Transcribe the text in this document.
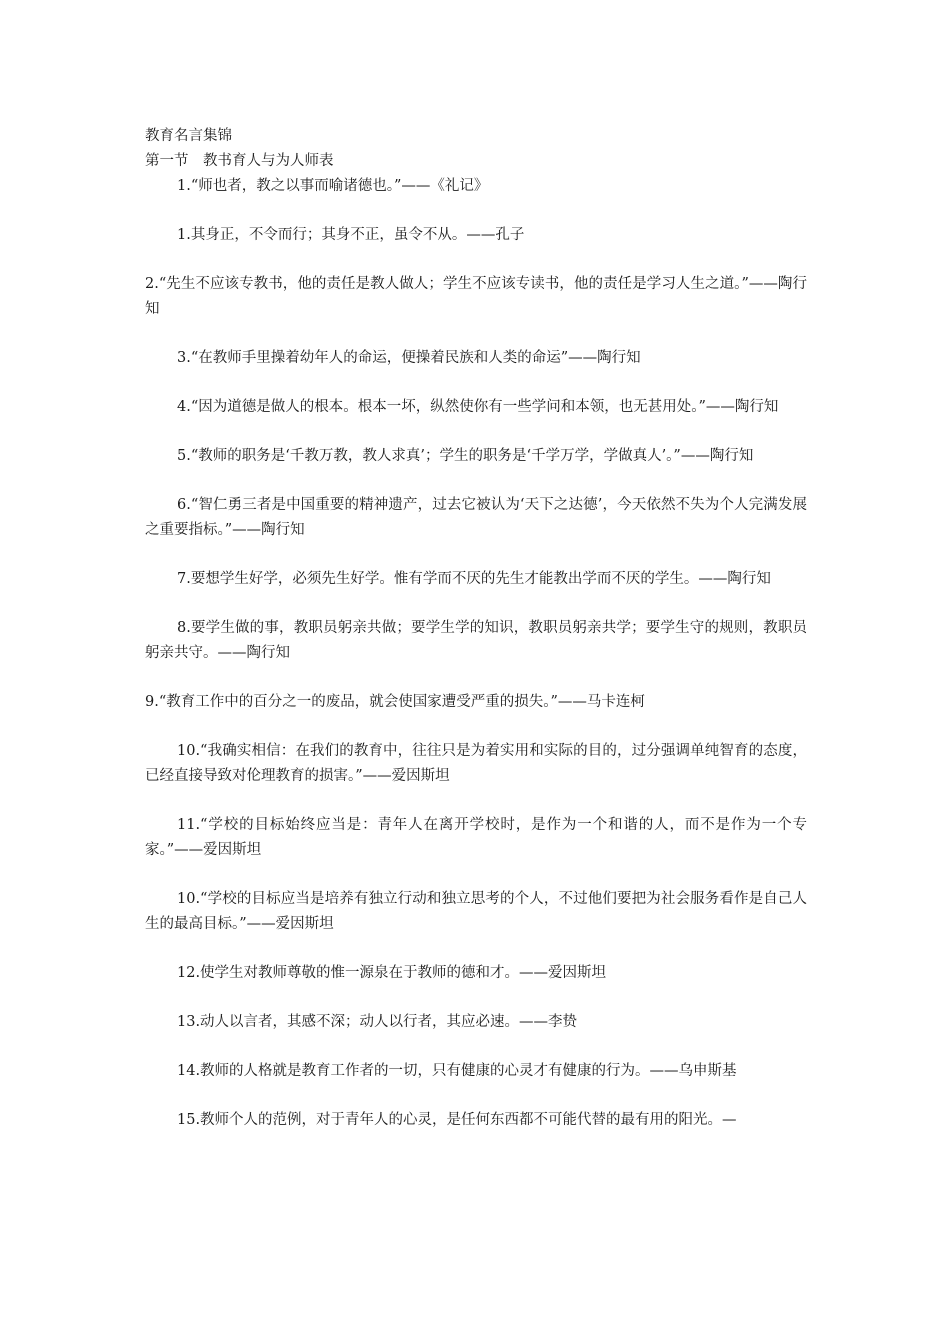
教育名言集锦

第一节　教书育人与为人师表

1.“师也者，教之以事而喻诸德也。”——《礼记》

1.其身正，不令而行；其身不正，虽令不从。——孔子

2.“先生不应该专教书，他的责任是教人做人；学生不应该专读书，他的责任是学习人生之道。”——陶行知

3.“在教师手里操着幼年人的命运，便操着民族和人类的命运”——陶行知

4.“因为道德是做人的根本。根本一坏，纵然使你有一些学问和本领，也无甚用处。”——陶行知

5.“教师的职务是‘千教万教，教人求真’；学生的职务是‘千学万学，学做真人’。”——陶行知

6.“智仁勇三者是中国重要的精神遗产，过去它被认为‘天下之达德’，今天依然不失为个人完满发展之重要指标。”——陶行知

7.要想学生好学，必须先生好学。惟有学而不厌的先生才能教出学而不厌的学生。——陶行知

8.要学生做的事，教职员躬亲共做；要学生学的知识，教职员躬亲共学；要学生守的规则，教职员躬亲共守。——陶行知

9.“教育工作中的百分之一的废品，就会使国家遭受严重的损失。”——马卡连柯

10.“我确实相信：在我们的教育中，往往只是为着实用和实际的目的，过分强调单纯智育的态度，已经直接导致对伦理教育的损害。”——爱因斯坦

11.“学校的目标始终应当是：青年人在离开学校时，是作为一个和谐的人，而不是作为一个专家。”——爱因斯坦

10.“学校的目标应当是培养有独立行动和独立思考的个人，不过他们要把为社会服务看作是自己人生的最高目标。”——爱因斯坦

12.使学生对教师尊敬的惟一源泉在于教师的德和才。——爱因斯坦

13.动人以言者，其感不深；动人以行者，其应必速。——李贽

14.教师的人格就是教育工作者的一切，只有健康的心灵才有健康的行为。——乌申斯基

15.教师个人的范例，对于青年人的心灵，是任何东西都不可能代替的最有用的阳光。—
